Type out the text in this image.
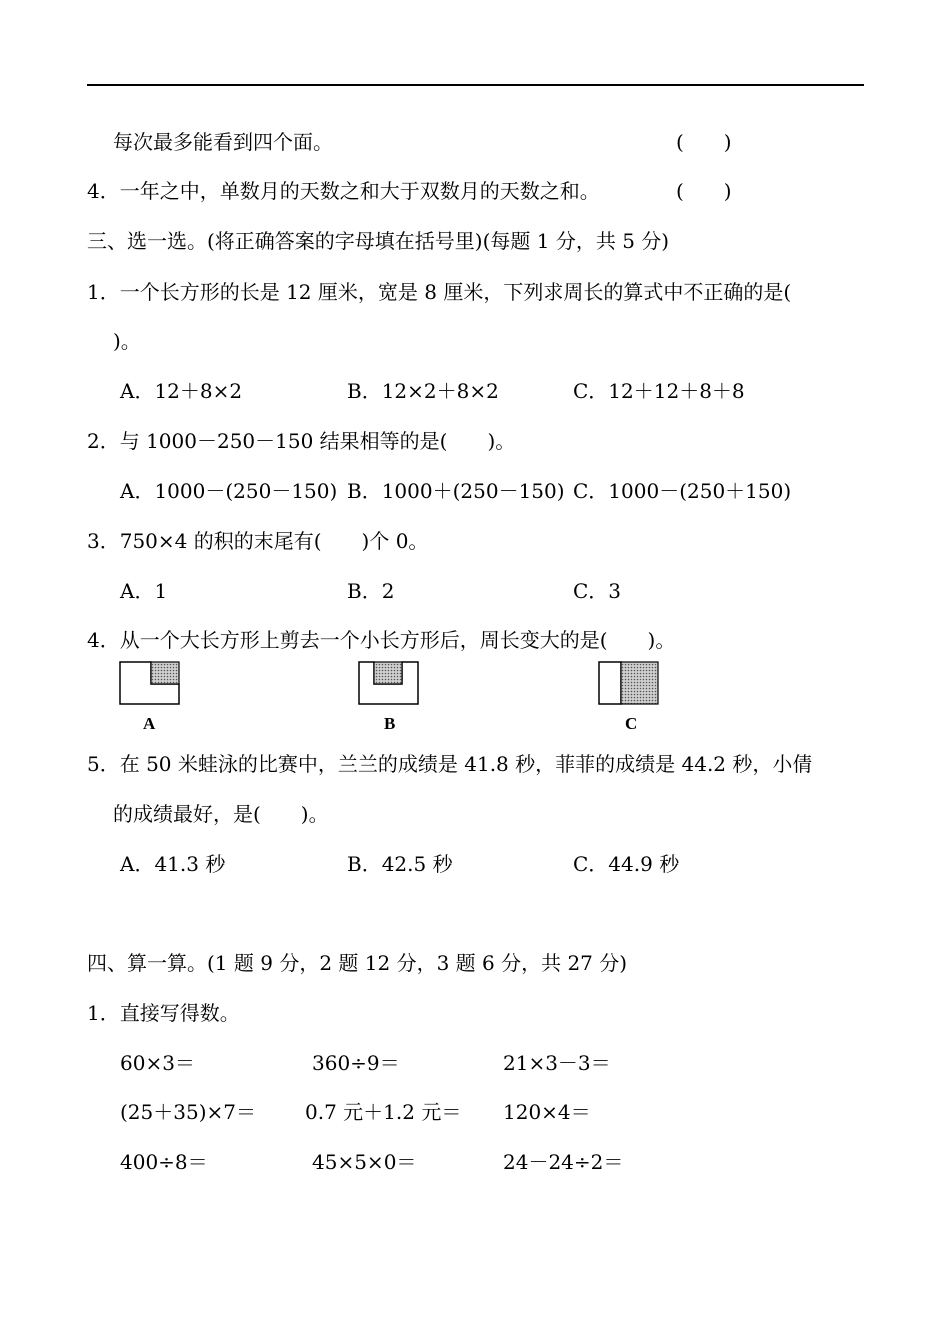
每次最多能看到四个面。	(　　)
4．一年之中，单数月的天数之和大于双数月的天数之和。	(　　)
三、选一选。(将正确答案的字母填在括号里)(每题 1 分，共 5 分)
1．一个长方形的长是 12 厘米，宽是 8 厘米，下列求周长的算式中不正确的是(
)。
A．12＋8×2	B．12×2＋8×2	C．12＋12＋8＋8
2．与 1000－250－150 结果相等的是(　　)。
A．1000－(250－150) B．1000＋(250－150) C．1000－(250＋150)
3．750×4 的积的末尾有(　　)个 0。
A．1	B．2	C．3
4．从一个大长方形上剪去一个小长方形后，周长变大的是(　　)。
A	B	C
5．在 50 米蛙泳的比赛中，兰兰的成绩是 41.8 秒，菲菲的成绩是 44.2 秒，小倩
的成绩最好，是(　　)。
A．41.3 秒	B．42.5 秒	C．44.9 秒
四、算一算。(1 题 9 分，2 题 12 分，3 题 6 分，共 27 分)
1．直接写得数。
60×3＝	360÷9＝	21×3－3＝
(25＋35)×7＝ 0.7 元＋1.2 元＝ 120×4＝
400÷8＝	45×5×0＝	24－24÷2＝
